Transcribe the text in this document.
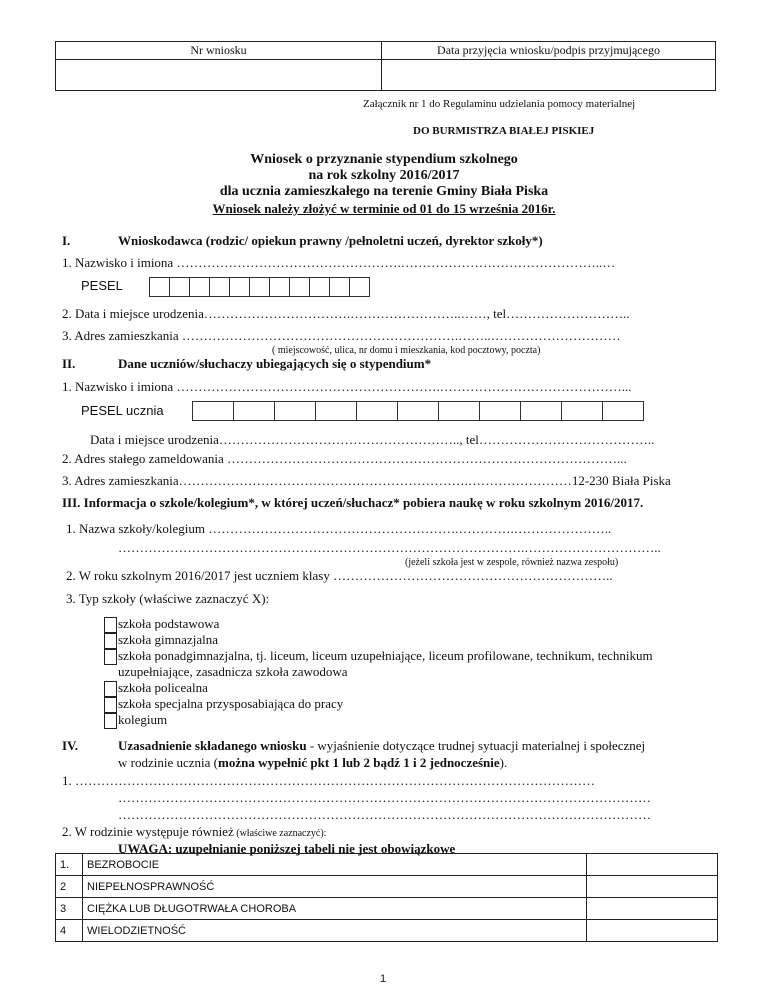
Nr wniosku	Data przyjęcia wniosku/podpis przyjmującego

Załącznik nr 1 do Regulaminu udzielania pomocy materialnej
DO BURMISTRZA BIAŁEJ PISKIEJ
Wniosek o przyznanie stypendium szkolnego
na rok szkolny 2016/2017
dla ucznia zamieszkałego na terenie Gminy Biała Piska
Wniosek należy złożyć w terminie od 01 do 15 września 2016r.
I.	Wnioskodawca (rodzic/ opiekun prawny /pełnoletni uczeń, dyrektor szkoły*)
1. Nazwisko i imiona …………………………………………….………………………………………..…
PESEL
2. Data i miejsce urodzenia…………………………….……………………..……, tel………………………..
3. Adres zamieszkania ……………………………………………………….……..…………………………
( miejscowość, ulica, nr domu i mieszkania, kod pocztowy, poczta)
II.	Dane uczniów/słuchaczy ubiegających się o stypendium*
1. Nazwisko i imiona …………………………………………………….……………………………………...
PESEL ucznia
Data i miejsce urodzenia……………………………………………….., tel…………………………………..
2. Adres stałego zameldowania ………………………………………………………………………………...
3. Adres zamieszkania………………………………………………………….……………………12-230 Biała Piska
III. Informacja o szkole/kolegium*, w której uczeń/słuchacz* pobiera naukę w roku szkolnym 2016/2017.
1. Nazwa szkoły/kolegium ………………………………………………….………….…………………..
………………………………………………………………………………….…………………………..
(jeżeli szkoła jest w zespole, również nazwa zespołu)
2. W roku szkolnym 2016/2017 jest uczniem klasy ………………………………………………………..
3. Typ szkoły (właściwe zaznaczyć X):
szkoła podstawowa
szkoła gimnazjalna
szkoła ponadgimnazjalna, tj. liceum, liceum uzupełniające, liceum profilowane, technikum, technikum
uzupełniające, zasadnicza szkoła zawodowa
szkoła policealna
szkoła specjalna przysposabiająca do pracy
kolegium
IV.	Uzasadnienie składanego wniosku - wyjaśnienie dotyczące trudnej sytuacji materialnej i społecznej
w rodzinie ucznia (można wypełnić pkt 1 lub 2 bądź 1 i 2 jednocześnie).
1. …………………………………………………………………………………………………………
……………………………………………………………………………………………………………
……………………………………………………………………………………………………………
2. W rodzinie występuje również (właściwe zaznaczyć):
UWAGA: uzupełnianie poniższej tabeli nie jest obowiązkowe
1.	BEZROBOCIE	
2	NIEPEŁNOSPRAWNOŚĆ	
3	CIĘŻKA LUB DŁUGOTRWAŁA CHOROBA	
4	WIELODZIETNOŚĆ	
1
